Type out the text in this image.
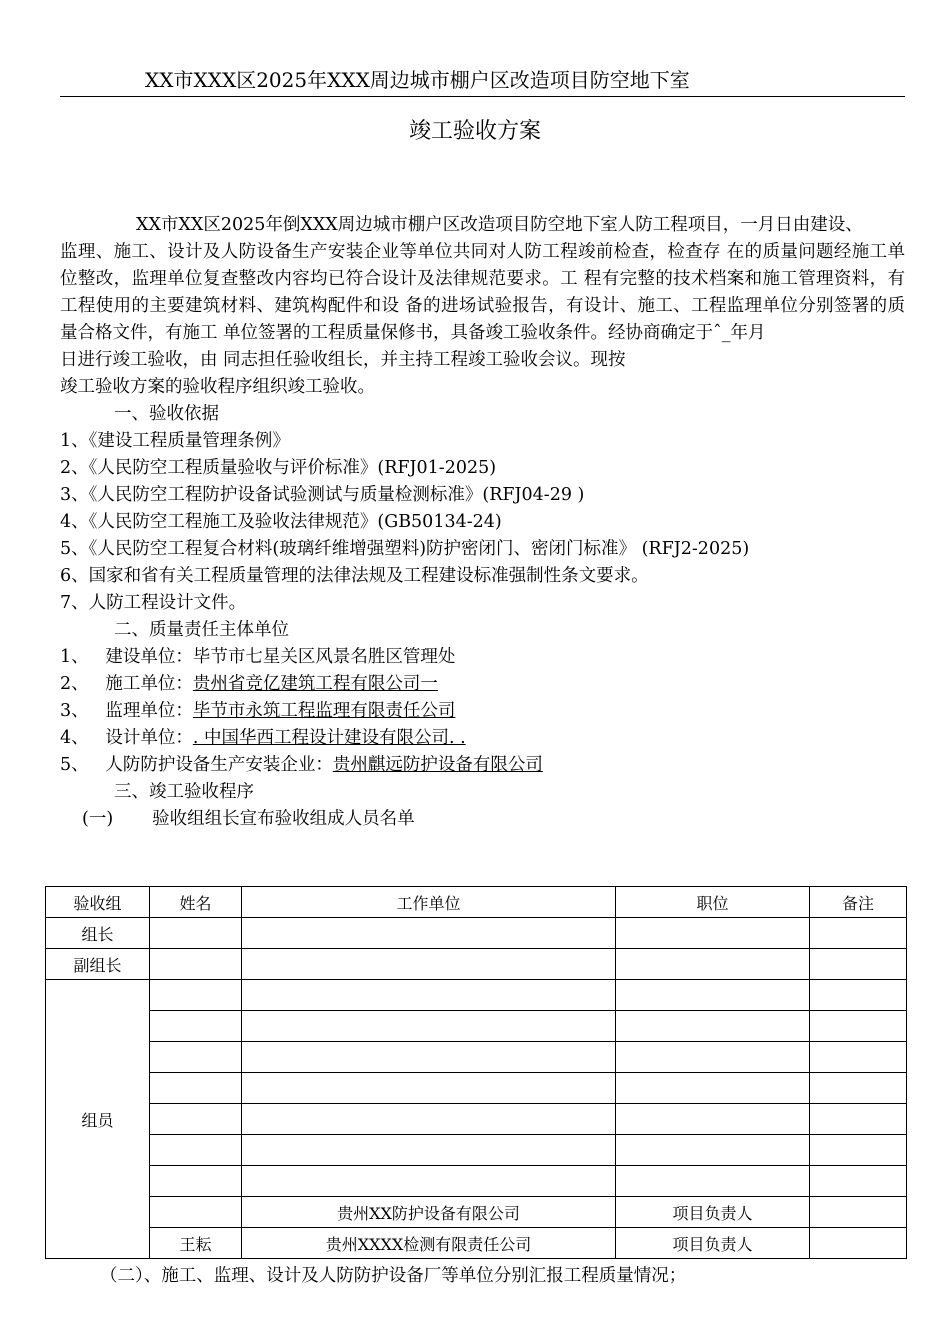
XX市XXX区2025年XXX周边城市棚户区改造项目防空地下室
竣工验收方案

XX市XX区2025年倒XXX周边城市棚户区改造项目防空地下室人防工程项目，一月日由建设、

监理、施工、设计及人防设备生产安装企业等单位共同对人防工程竣前检查，检查存 在的质量问题经施工单位整改，监理单位复查整改内容均已符合设计及法律规范要求。工 程有完整的技术档案和施工管理资料，有工程使用的主要建筑材料、建筑构配件和设 备的进场试验报告，有设计、施工、工程监理单位分别签署的质量合格文件，有施工 单位签署的工程质量保修书，具备竣工验收条件。经协商确定于ˆ_年月

日进行竣工验收，由 同志担任验收组长，并主持工程竣工验收会议。现按

竣工验收方案的验收程序组织竣工验收。

一、验收依据

1、《建设工程质量管理条例》

2、《人民防空工程质量验收与评价标准》(RFJ01-2025)

3、《人民防空工程防护设备试验测试与质量检测标准》(RFJ04-29 )

4、《人民防空工程施工及验收法律规范》(GB50134-24)

5、《人民防空工程复合材料(玻璃纤维增强塑料)防护密闭门、密闭门标准》 (RFJ2-2025)

6、国家和省有关工程质量管理的法律法规及工程建设标准强制性条文要求。

7、人防工程设计文件。

二、质量责任主体单位

1、 建设单位：毕节市七星关区风景名胜区管理处

2、 施工单位：贵州省竞亿建筑工程有限公司一

3、 监理单位：毕节市永筑工程监理有限责任公司

4、 设计单位：. 中国华西工程设计建设有限公司. .

5、 人防防护设备生产安装企业：贵州麒远防护设备有限公司

三、竣工验收程序

(一) 验收组组长宣布验收组成人员名单

验收组	姓名	工作单位	职位	备注
组长				
副组长				
组员				

		贵州XX防护设备有限公司	项目负责人	
	王耘	贵州XXXX检测有限责任公司	项目负责人	
（二）、施工、监理、设计及人防防护设备厂等单位分别汇报工程质量情况；
